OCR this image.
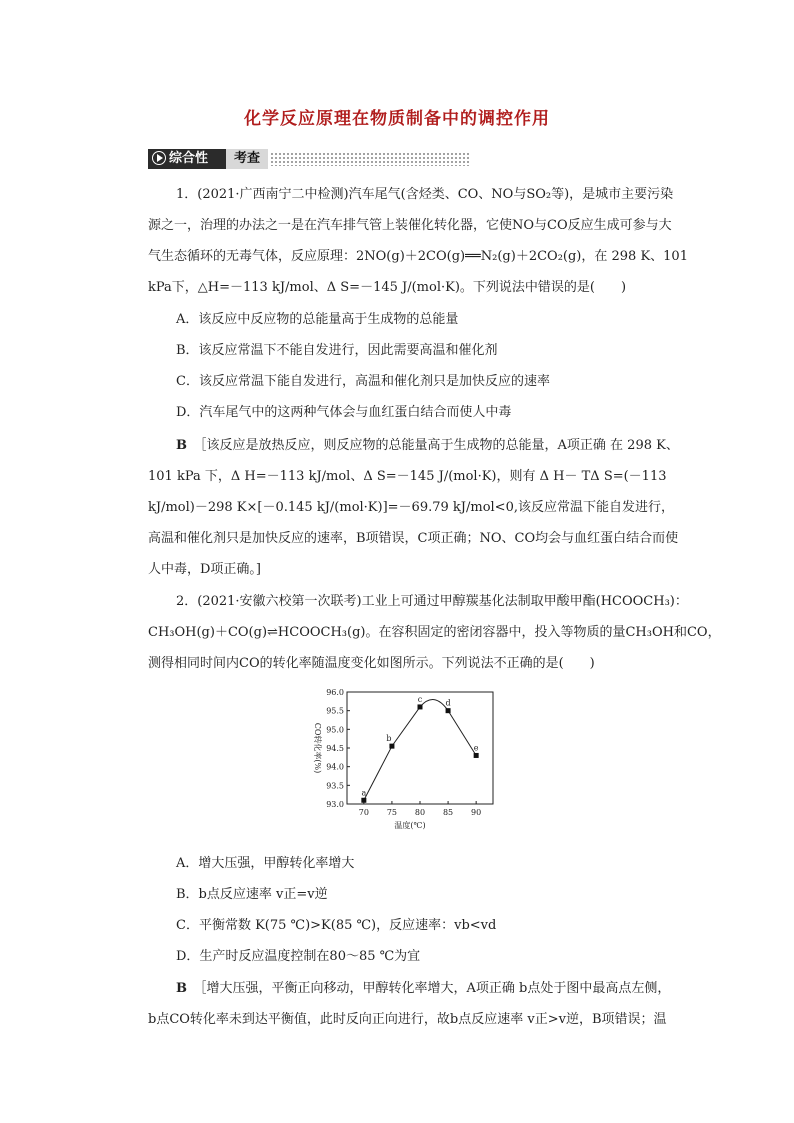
化学反应原理在物质制备中的调控作用
综合性	考查
1．(2021·广西南宁二中检测)汽车尾气(含烃类、CO、NO与SO₂等)，是城市主要污染
源之一，治理的办法之一是在汽车排气管上装催化转化器，它使NO与CO反应生成可参与大
气生态循环的无毒气体，反应原理：2NO(g)＋2CO(g)══N₂(g)＋2CO₂(g)，在 298 K、101
kPa下，△H=－113 kJ/mol、Δ S=－145 J/(mol·K)。下列说法中错误的是(　　)
A．该反应中反应物的总能量高于生成物的总能量
B．该反应常温下不能自发进行，因此需要高温和催化剂
C．该反应常温下能自发进行，高温和催化剂只是加快反应的速率
D．汽车尾气中的这两种气体会与血红蛋白结合而使人中毒
B　 ［该反应是放热反应，则反应物的总能量高于生成物的总能量，A项正确 在 298 K、
101 kPa 下，Δ H=－113 kJ/mol、Δ S=－145 J/(mol·K)，则有 Δ H－ TΔ S=(－113
kJ/mol)－298 K×[－0.145 kJ/(mol·K)]=－69.79 kJ/mol<0,该反应常温下能自发进行，
高温和催化剂只是加快反应的速率，B项错误，C项正确；NO、CO均会与血红蛋白结合而使
人中毒，D项正确。]
2．(2021·安徽六校第一次联考)工业上可通过甲醇羰基化法制取甲酸甲酯(HCOOCH₃)：
CH₃OH(g)＋CO(g)⇌HCOOCH₃(g)。在容积固定的密闭容器中，投入等物质的量CH₃OH和CO，
测得相同时间内CO的转化率随温度变化如图所示。下列说法不正确的是(　　)
93.0
93.5
94.0
94.5
95.0
95.5
96.0
70 75 80 85 90
温度(℃)
CO转化率(%)
a
b
c	d
e
A．增大压强，甲醇转化率增大
B．b点反应速率 v正=v逆
C．平衡常数 K(75 ℃)>K(85 ℃)，反应速率：vb<vd
D．生产时反应温度控制在80～85 ℃为宜
B　 ［增大压强，平衡正向移动，甲醇转化率增大，A项正确 b点处于图中最高点左侧，
b点CO转化率未到达平衡值，此时反向正向进行，故b点反应速率 v正>v逆，B项错误；温
